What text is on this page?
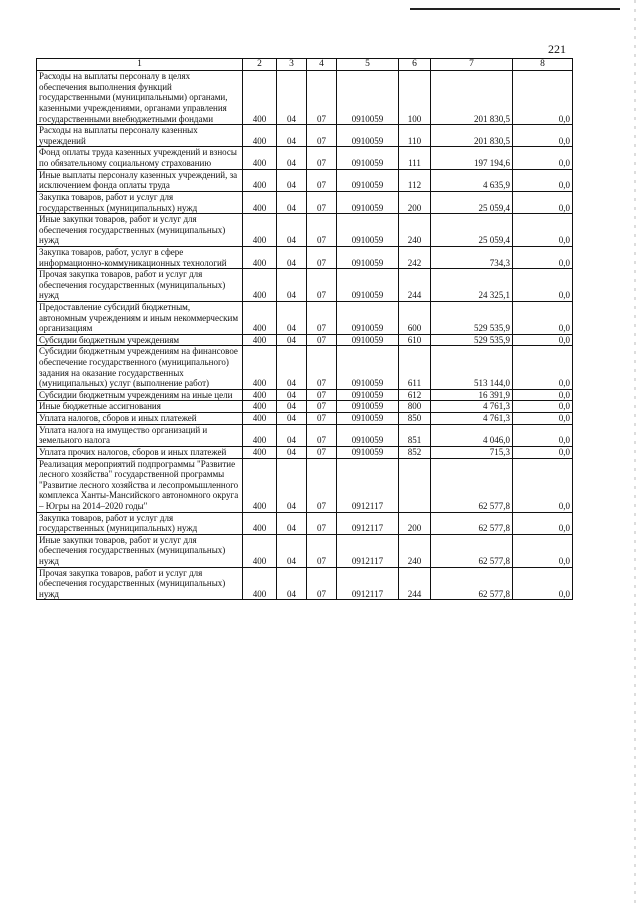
221
1	2	3	4	5	6	7	8
Расходы на выплаты персоналу в целях обеспечения выполнения функций государственными (муниципальными) органами, казенными учреждениями, органами управления государственными внебюджетными фондами	400	04	07	0910059	100	201 830,5	0,0
Расходы на выплаты персоналу казенных учреждений	400	04	07	0910059	110	201 830,5	0,0
Фонд оплаты труда казенных учреждений и взносы по обязательному социальному страхованию	400	04	07	0910059	111	197 194,6	0,0
Иные выплаты персоналу казенных учреждений, за исключением фонда оплаты труда	400	04	07	0910059	112	4 635,9	0,0
Закупка товаров, работ и услуг для государственных (муниципальных) нужд	400	04	07	0910059	200	25 059,4	0,0
Иные закупки товаров, работ и услуг для обеспечения государственных (муниципальных) нужд	400	04	07	0910059	240	25 059,4	0,0
Закупка товаров, работ, услуг в сфере информационно-коммуникационных технологий	400	04	07	0910059	242	734,3	0,0
Прочая закупка товаров, работ и услуг для обеспечения государственных (муниципальных) нужд	400	04	07	0910059	244	24 325,1	0,0
Предоставление субсидий бюджетным, автономным учреждениям и иным некоммерческим организациям	400	04	07	0910059	600	529 535,9	0,0
Субсидии бюджетным учреждениям	400	04	07	0910059	610	529 535,9	0,0
Субсидии бюджетным учреждениям на финансовое обеспечение государственного (муниципального) задания на оказание государственных (муниципальных) услуг (выполнение работ)	400	04	07	0910059	611	513 144,0	0,0
Субсидии бюджетным учреждениям на иные цели	400	04	07	0910059	612	16 391,9	0,0
Иные бюджетные ассигнования	400	04	07	0910059	800	4 761,3	0,0
Уплата налогов, сборов и иных платежей	400	04	07	0910059	850	4 761,3	0,0
Уплата налога на имущество организаций и земельного налога	400	04	07	0910059	851	4 046,0	0,0
Уплата прочих налогов, сборов и иных платежей	400	04	07	0910059	852	715,3	0,0
Реализация мероприятий подпрограммы "Развитие лесного хозяйства" государственной программы "Развитие лесного хозяйства и лесопромышленного комплекса Ханты-Мансийского автономного округа – Югры на 2014–2020 годы"	400	04	07	0912117		62 577,8	0,0
Закупка товаров, работ и услуг для государственных (муниципальных) нужд	400	04	07	0912117	200	62 577,8	0,0
Иные закупки товаров, работ и услуг для обеспечения государственных (муниципальных) нужд	400	04	07	0912117	240	62 577,8	0,0
Прочая закупка товаров, работ и услуг для обеспечения государственных (муниципальных) нужд	400	04	07	0912117	244	62 577,8	0,0
